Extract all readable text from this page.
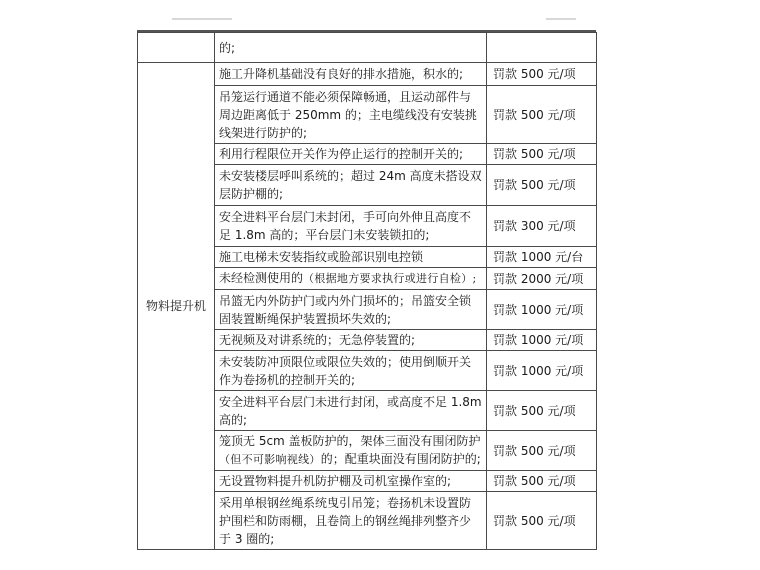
	的;	
物料提升机	施工升降机基础没有良好的排水措施，积水的;	罚款 500 元/项
	吊笼运行通道不能必须保障畅通，且运动部件与周边距离低于 250mm 的；主电缆线没有安装挑线架进行防护的;	罚款 500 元/项
	利用行程限位开关作为停止运行的控制开关的;	罚款 500 元/项
	未安装楼层呼叫系统的；超过 24m 高度未搭设双层防护棚的;	罚款 500 元/项
	安全进料平台层门未封闭，手可向外伸且高度不足 1.8m 高的；平台层门未安装锁扣的;	罚款 300 元/项
	施工电梯未安装指纹或脸部识别电控锁	罚款 1000 元/台
	未经检测使用的（根据地方要求执行或进行自检）;	罚款 2000 元/项
	吊篮无内外防护门或内外门损坏的；吊篮安全锁固装置断绳保护装置损坏失效的;	罚款 1000 元/项
	无视频及对讲系统的；无急停装置的;	罚款 1000 元/项
	未安装防冲顶限位或限位失效的；使用倒顺开关作为卷扬机的控制开关的;	罚款 1000 元/项
	安全进料平台层门未进行封闭，或高度不足 1.8m 高的;	罚款 500 元/项
	笼顶无 5cm 盖板防护的，架体三面没有围闭防护（但不可影响视线）的；配重块面没有围闭防护的;	罚款 500 元/项
	无设置物料提升机防护棚及司机室操作室的;	罚款 500 元/项
	采用单根钢丝绳系统曳引吊笼；卷扬机未设置防护围栏和防雨棚，且卷筒上的钢丝绳排列整齐少于 3 圈的;	罚款 500 元/项
